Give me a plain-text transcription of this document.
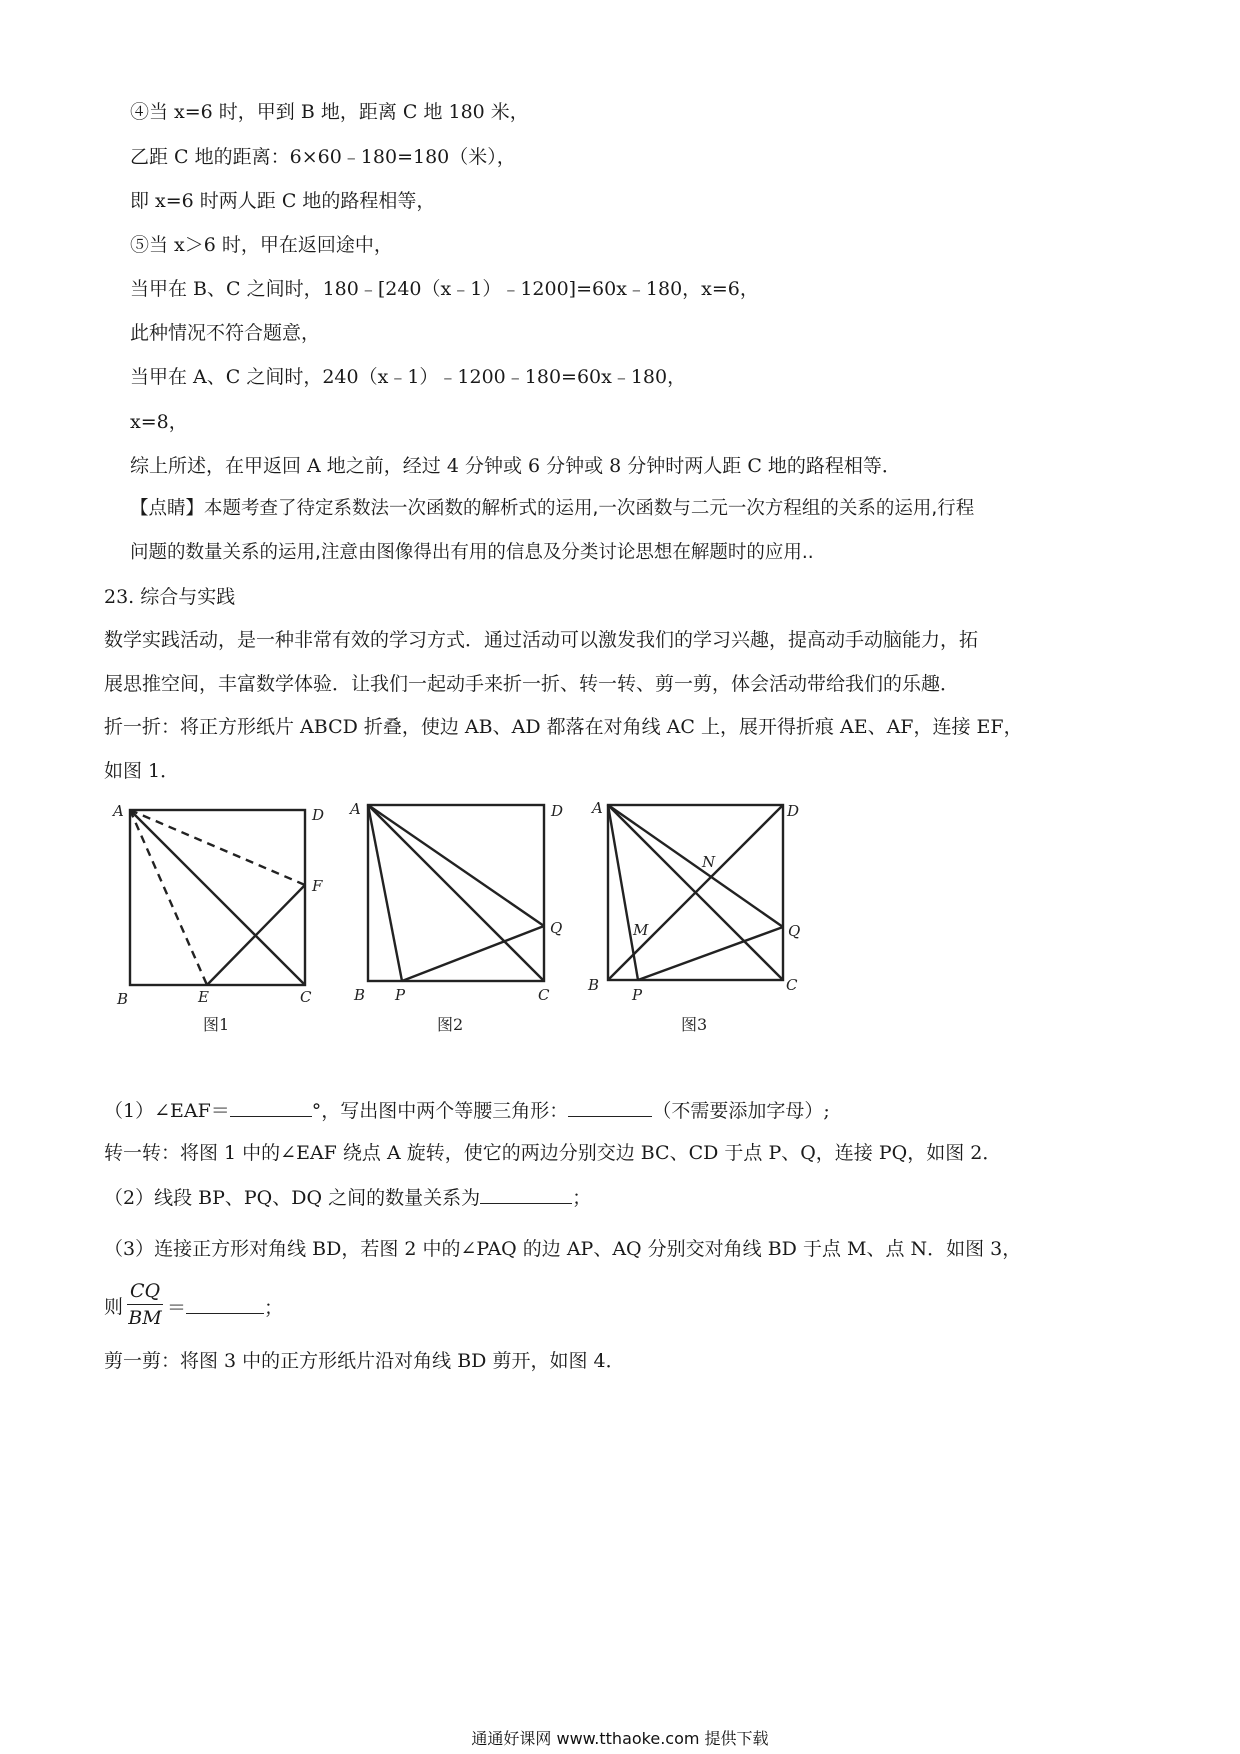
④当 x=6 时，甲到 B 地，距离 C 地 180 米，
乙距 C 地的距离：6×60﹣180=180（米），
即 x=6 时两人距 C 地的路程相等，
⑤当 x＞6 时，甲在返回途中，
当甲在 B、C 之间时，180﹣[240（x﹣1）﹣1200]=60x﹣180，x=6，
此种情况不符合题意，
当甲在 A、C 之间时，240（x﹣1）﹣1200﹣180=60x﹣180，
x=8，
综上所述，在甲返回 A 地之前，经过 4 分钟或 6 分钟或 8 分钟时两人距 C 地的路程相等．
【点睛】本题考查了待定系数法一次函数的解析式的运用,一次函数与二元一次方程组的关系的运用,行程
问题的数量关系的运用,注意由图像得出有用的信息及分类讨论思想在解题时的应用..
23. 综合与实践
数学实践活动，是一种非常有效的学习方式．通过活动可以激发我们的学习兴趣，提高动手动脑能力，拓
展思推空间，丰富数学体验．让我们一起动手来折一折、转一转、剪一剪，体会活动带给我们的乐趣．
折一折：将正方形纸片 ABCD 折叠，使边 AB、AD 都落在对角线 AC 上，展开得折痕 AE、AF，连接 EF，
如图 1．
A	D
F
B	E	C
图1
A	D
Q
B P	C
图2
A	D
N
M	Q
B
P
C
图3
（1）∠EAF＝	°，写出图中两个等腰三角形：	（不需要添加字母）;
转一转：将图 1 中的∠EAF 绕点 A 旋转，使它的两边分别交边 BC、CD 于点 P、Q，连接 PQ，如图 2．
（2）线段 BP、PQ、DQ 之间的数量关系为	；
（3）连接正方形对角线 BD，若图 2 中的∠PAQ 的边 AP、AQ 分别交对角线 BD 于点 M、点 N．如图 3，
则
CQ
BM ＝	；
剪一剪：将图 3 中的正方形纸片沿对角线 BD 剪开，如图 4．
通通好课网 www.tthaoke.com 提供下载
